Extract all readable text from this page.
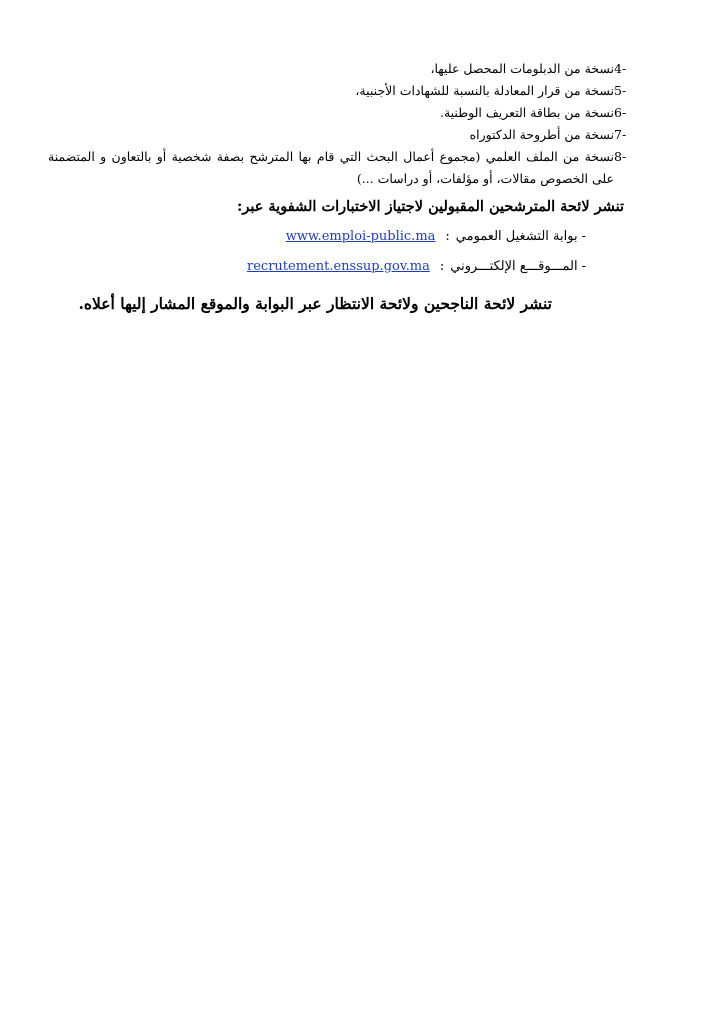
4-
نسخة من الدبلومات المحصل عليها،
5-
نسخة من قرار المعادلة بالنسبة للشهادات الأجنبية،
6-
نسخة من بطاقة التعريف الوطنية.
7-
نسخة من أطروحة الدكتوراه
8-
نسخة من الملف العلمي (مجموع أعمال البحث التي قام بها المترشح بصفة شخصية أو بالتعاون و المتضمنة على الخصوص مقالات، أو مؤلفات، أو دراسات ...)
تنشر لائحة المترشحين المقبولين لاجتياز الاختبارات الشفوية عبر:
-
بوابة التشغيل العمومي
:
www.emploi-public.ma
-
المـــوقـــع الإلكتـــروني
:
recrutement.enssup.gov.ma
تنشر لائحة الناجحين ولائحة الانتظار عبر البوابة والموقع المشار إليها أعلاه.
